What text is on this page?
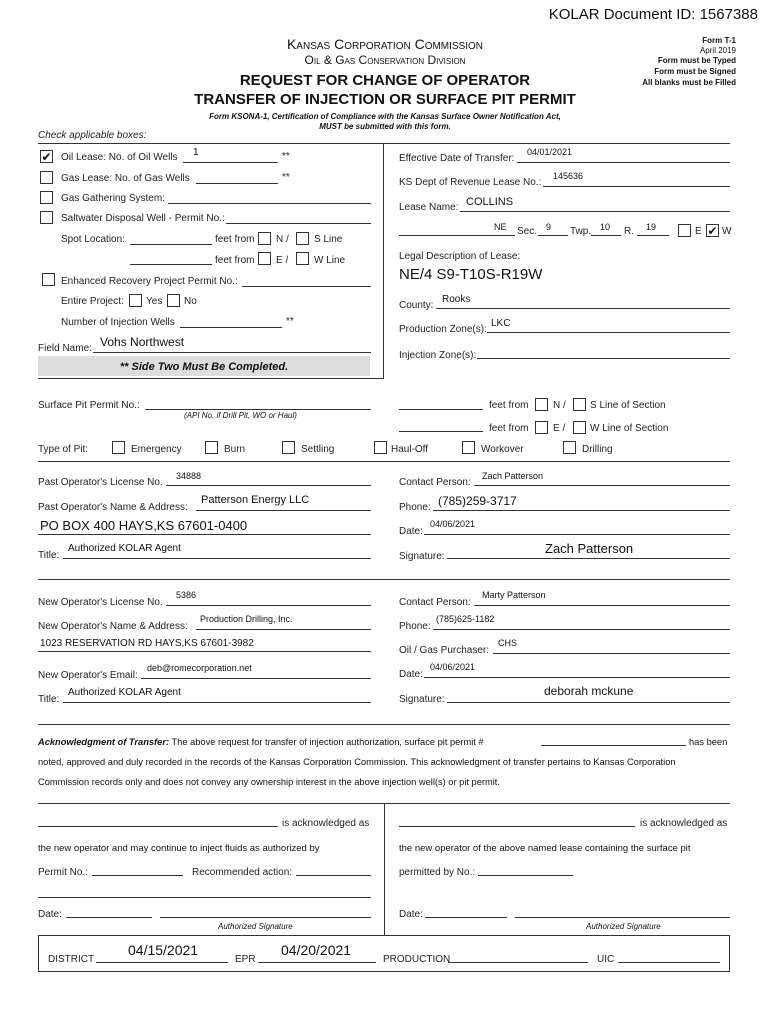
KOLAR Document ID: 1567388
Kansas Corporation Commission
Oil & Gas Conservation Division
REQUEST FOR CHANGE OF OPERATOR
TRANSFER OF INJECTION OR SURFACE PIT PERMIT
Form T-1
April 2019
Form must be Typed
Form must be Signed
All blanks must be Filled
Form KSONA-1, Certification of Compliance with the Kansas Surface Owner Notification Act,
MUST be submitted with this form.
Check applicable boxes:
✔ Oil Lease: No. of Oil Wells 1	**
Gas Lease: No. of Gas Wells	**
Gas Gathering System:
Saltwater Disposal Well - Permit No.:
Spot Location:	feet from N /	S Line
feet from E /	W Line
Enhanced Recovery Project Permit No.:
Entire Project: Yes No
Number of Injection Wells	**
Field Name: Vohs Northwest
** Side Two Must Be Completed.
Effective Date of Transfer:
04/01/2021
KS Dept of Revenue Lease No.:
145636
Lease Name: COLLINS
NE Sec. 9 Twp. 10 R. 19	E ✔ W
Legal Description of Lease:
NE/4 S9-T10S-R19W
County:
Rooks
Production Zone(s):
LKC
Injection Zone(s):
Surface Pit Permit No.:
(API No. if Drill Pit, WO or Haul)
feet from N / S Line of Section
feet from E / W Line of Section
Type of Pit:	Emergency	Burn	Settling	Haul-Off	Workover	Drilling
Past Operator's License No.
34888
Past Operator's Name & Address:
Patterson Energy LLC
PO BOX 400 HAYS,KS 67601-0400
Title:
Authorized KOLAR Agent
Contact Person:
Zach Patterson
Phone: (785)259-3717
Date:
04/06/2021
Signature:
Zach Patterson
New Operator's License No.
5386
New Operator's Name & Address:
Production Drilling, Inc.
1023 RESERVATION RD HAYS,KS 67601-3982
New Operator's Email:
deb@romecorporation.net
Title:
Authorized KOLAR Agent
Contact Person:
Marty Patterson
Phone:
(785)625-1182
Oil / Gas Purchaser:
CHS
Date:
04/06/2021
Signature:
deborah mckune
Acknowledgment of Transfer: The above request for transfer of injection authorization, surface pit permit #	has been
noted, approved and duly recorded in the records of the Kansas Corporation Commission. This acknowledgment of transfer pertains to Kansas Corporation
Commission records only and does not convey any ownership interest in the above injection well(s) or pit permit.
is acknowledged as
the new operator and may continue to inject fluids as authorized by
Permit No.:	Recommended action:
Date:
Authorized Signature
is acknowledged as
the new operator of the above named lease containing the surface pit
permitted by No.:
Date:
Authorized Signature
DISTRICT
04/15/2021
EPR
04/20/2021
PRODUCTION	UIC
